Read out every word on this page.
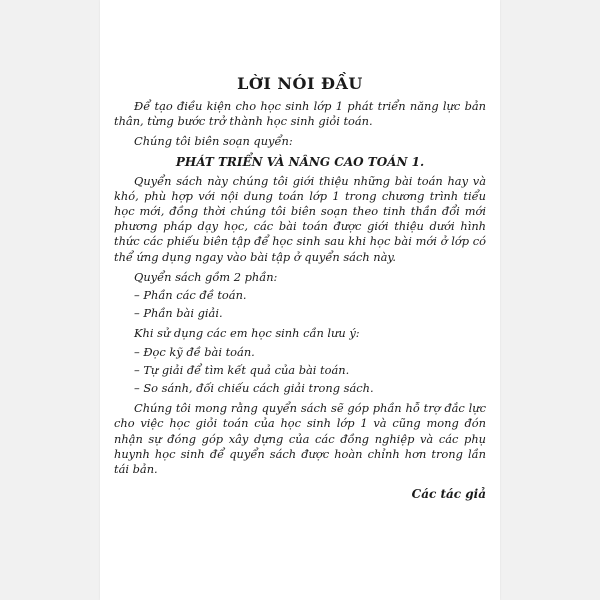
LỜI NÓI ĐẦU

Để tạo điều kiện cho học sinh lớp 1 phát triển năng lực bản thân, từng bước trở thành học sinh giỏi toán.

Chúng tôi biên soạn quyển:

PHÁT TRIỂN VÀ NÂNG CAO TOÁN 1.

Quyển sách này chúng tôi giới thiệu những bài toán hay và khó, phù hợp với nội dung toán lớp 1 trong chương trình tiểu học mới, đồng thời chúng tôi biên soạn theo tinh thần đổi mới phương pháp dạy học, các bài toán được giới thiệu dưới hình thức các phiếu biên tập để học sinh sau khi học bài mới ở lớp có thể ứng dụng ngay vào bài tập ở quyển sách này.

Quyển sách gồm 2 phần:

– Phần các đề toán.

– Phần bài giải.

Khi sử dụng các em học sinh cần lưu ý:

– Đọc kỹ đề bài toán.

– Tự giải để tìm kết quả của bài toán.

– So sánh, đối chiếu cách giải trong sách.

Chúng tôi mong rằng quyển sách sẽ góp phần hỗ trợ đắc lực cho việc học giỏi toán của học sinh lớp 1 và cũng mong đón nhận sự đóng góp xây dựng của các đồng nghiệp và các phụ huynh học sinh để quyển sách được hoàn chỉnh hơn trong lần tái bản.

Các tác giả
